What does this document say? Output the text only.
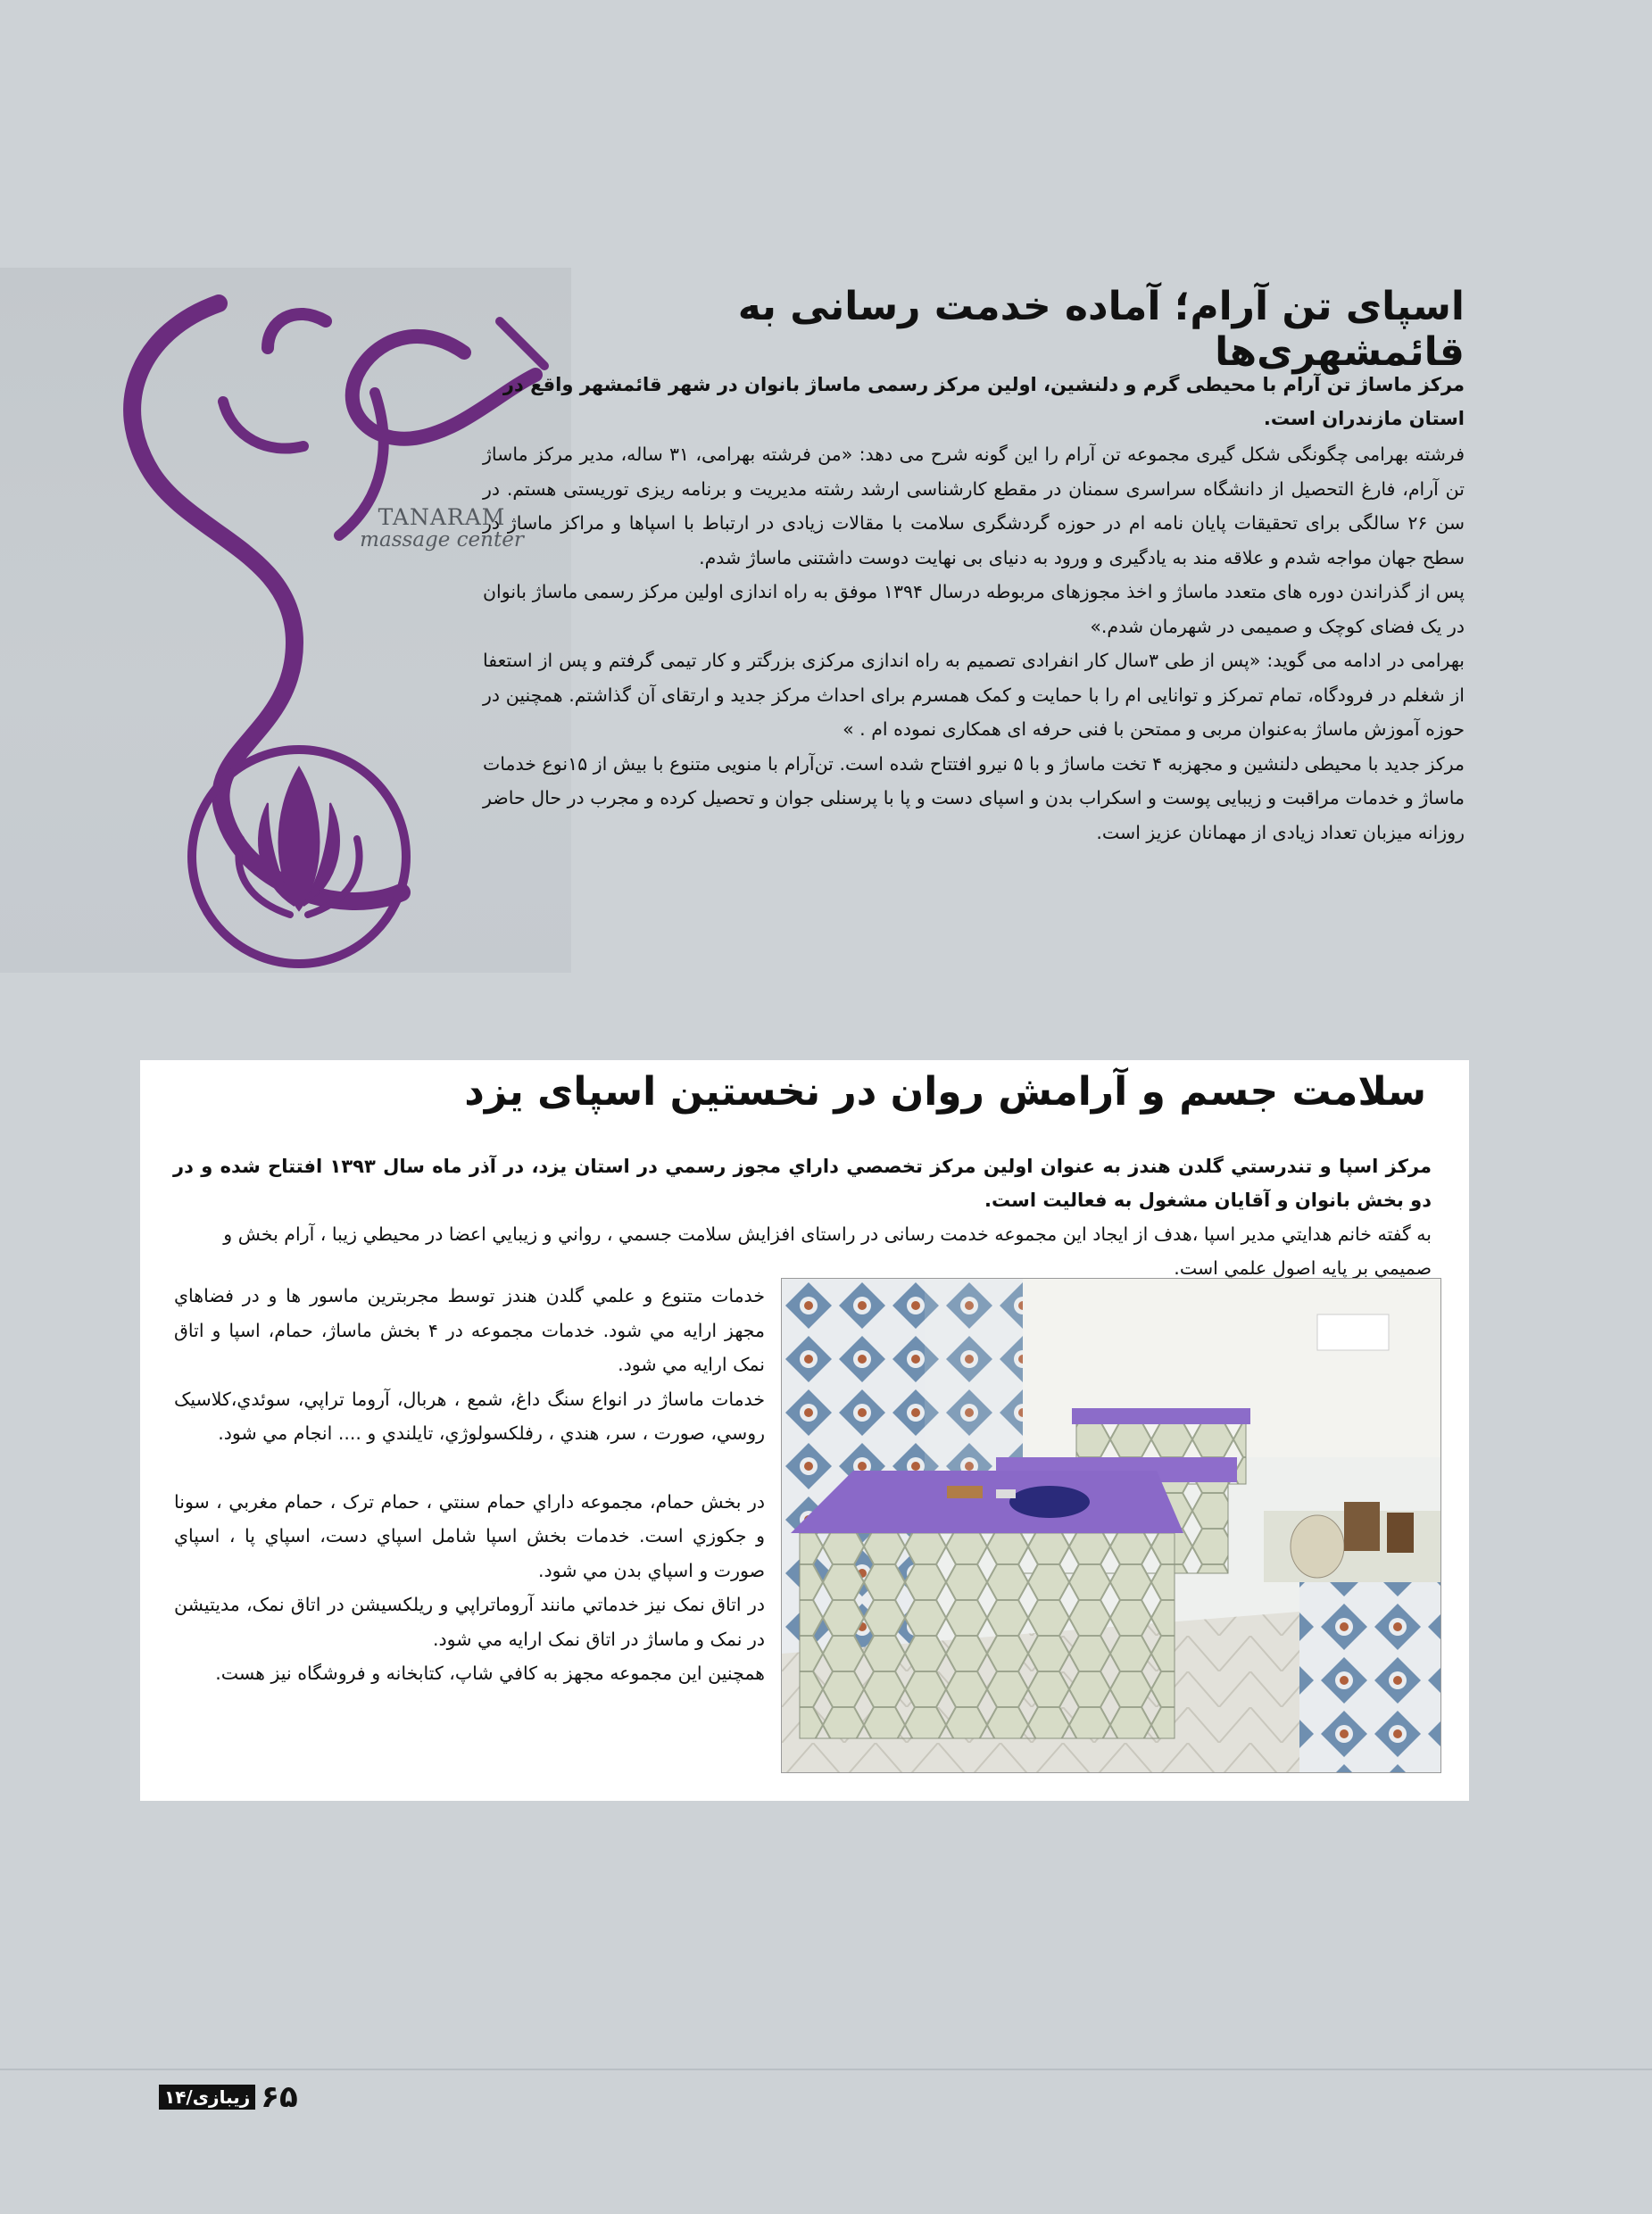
TANARAM
massage center
اسپای تن آرام؛ آماده خدمت رسانی به قائمشهری‌ها

مرکز ماساژ تن آرام با محیطی گرم و دلنشین، اولین مرکز رسمی ماساژ بانوان در شهر قائمشهر واقع در استان مازندران است.

فرشته بهرامی چگونگی شکل گیری مجموعه تن آرام را این گونه شرح می دهد: «من فرشته بهرامی، ۳۱ ساله، مدیر مرکز ماساژ تن آرام، فارغ التحصیل از دانشگاه سراسری سمنان در مقطع کارشناسی ارشد رشته مدیریت و برنامه ریزی توریستی هستم. در سن ۲۶ سالگی برای تحقیقات پایان نامه ام در حوزه گردشگری سلامت با مقالات زیادی در ارتباط با اسپاها و مراکز ماساژ در سطح جهان مواجه شدم و علاقه مند به یادگیری و ورود به دنیای بی نهایت دوست داشتنی ماساژ شدم.

پس از گذراندن دوره های متعدد ماساژ و اخذ مجوزهای مربوطه درسال ۱۳۹۴ موفق به راه اندازی اولین مرکز رسمی ماساژ بانوان در یک فضای کوچک و صمیمی در شهرمان شدم.»

بهرامی در ادامه می گوید: «پس از طی ۳سال کار انفرادی تصمیم به راه اندازی مرکزی بزرگتر و کار تیمی گرفتم و پس از استعفا از شغلم در فرودگاه، تمام تمرکز و توانایی ام را با حمایت و کمک همسرم برای احداث مرکز جدید و ارتقای آن گذاشتم. همچنین در حوزه آموزش ماساژ به‌عنوان مربی و ممتحن با فنی حرفه ای همکاری نموده ام . »

مرکز جدید با محیطی دلنشین و مجهزبه ۴ تخت ماساژ و با ۵ نیرو افتتاح شده است. تن‌آرام با منویی متنوع با بیش از ۱۵نوع خدمات ماساژ و خدمات مراقبت و زیبایی پوست و اسکراب بدن و اسپای دست و پا با پرسنلی جوان و تحصیل کرده و مجرب در حال حاضر روزانه میزبان تعداد زیادی از مهمانان عزیز است.

سلامت جسم و آرامش روان در نخستین اسپای یزد

مرکز اسپا و تندرستي گلدن هندز به عنوان اولين مرکز تخصصي داراي مجوز رسمي در استان يزد، در آذر ماه سال ۱۳۹۳ افتتاح شده و در دو بخش بانوان و آقايان مشغول به فعاليت است.

به گفته خانم هدايتي مدير اسپا ،هدف از ايجاد اين مجموعه خدمت رسانی در راستای افزايش سلامت جسمي ، رواني و زيبايي اعضا در محيطي زيبا ، آرام بخش و صميمي بر پايه اصول علمي است.

خدمات متنوع و علمي گلدن هندز توسط مجربترين ماسور ها و در فضاهاي مجهز ارايه مي شود. خدمات مجموعه در ۴ بخش ماساژ، حمام، اسپا و اتاق نمک ارايه مي شود.

خدمات ماساژ در انواع سنگ داغ، شمع ، هربال، آروما تراپي، سوئدي،کلاسيک روسي، صورت ، سر، هندي ، رفلکسولوژي، تايلندي و .... انجام مي شود.

در بخش حمام، مجموعه داراي حمام سنتي ، حمام ترک ، حمام مغربي ، سونا و جکوزي است. خدمات بخش اسپا شامل اسپاي دست، اسپاي پا ، اسپاي صورت و اسپاي بدن مي شود.

در اتاق نمک نيز خدماتي مانند آروماتراپي و ريلکسيشن در اتاق نمک، مديتيشن در نمک و ماساژ در اتاق نمک ارايه مي شود.

همچنين اين مجموعه مجهز به کافي شاپ، کتابخانه و فروشگاه نيز هست.

زیبازی/۱۴ ۶۵
